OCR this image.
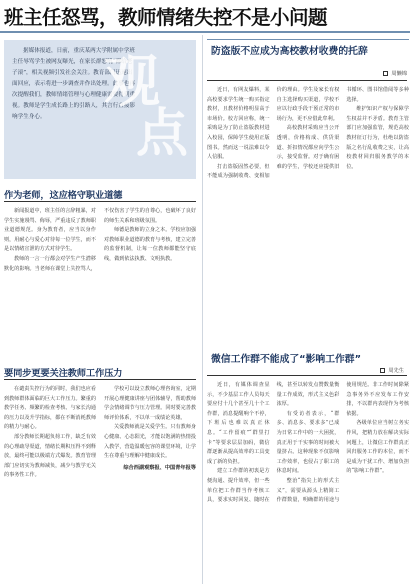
班主任怒骂，教师情绪失控不是小问题

据媒体报道，日前，重庆某两大学附属中学班主任辱骂学生被网友曝光，在家长群怒吼“都给老子滚”，相关视频引发社会关注。教育部门迅速出面回应，表示将进一步调查并作出处理。此事也再次提醒我们，教师情绪管理与心理健康需要得到重视。教师是学生成长路上的引路人，其言行直接影响学生身心。

观
点
作为老师，这应格守职业道德

新闻报道中，班主任的言辞粗暴，对学生实施谩骂、侮辱，严重违反了教师职业道德规范。身为教育者，应当以身作则，用耐心与爱心对待每一位学生，而不是以情绪宣泄的方式对待学生。

教师的一言一行都会对学生产生潜移默化的影响。当老师在课堂上失控骂人，不仅伤害了学生的自尊心，也破坏了良好的师生关系和班级氛围。

师德是教师的立身之本。学校应加强对教师职业道德的教育与考核，建立完善的监督机制，让每一位教师都能坚守底线，做到依法执教、文明执教。

要同步更要关注教师工作压力

在谴责失控行为的同时，我们也应看到教师群体面临的巨大工作压力。繁重的教学任务、频繁的检查考核、与家长沟通的压力以及升学指标，都在不断消耗教师的精力与耐心。

部分教师长期超负荷工作，缺乏有效的心理疏导渠道，情绪长期积压得不到释放，最终可能以极端方式爆发。教育管理部门应切实为教师减负，减少与教学无关的事务性工作。

学校可以设立教师心理咨询室，定期开展心理健康讲座与团体辅导，帮助教师学会情绪调节与压力管理。同时要完善教师评价体系，不以单一成绩论英雄。

关爱教师就是关爱学生。只有教师身心健康、心态阳光，才能以饱满的热情投入教学，营造温暖包容的课堂环境，让学生在尊重与理解中健康成长。

综合西湖观察报、中国青年报等
防盗版不应成为高校教材收费的托辞
周懒锦

近日，有网友爆料，某高校要求学生统一购买指定教材，且教材价格明显高于市场价。校方回应称，统一采购是为了防止盗版教材进入校园，保障学生使用正版图书。然而这一说法难以令人信服。

打击盗版固然必要，但不能成为强制收费、变相加价的理由。学生及家长有权自主选择购买渠道，学校不应以行政手段干预正常的市场行为，更不应借此牟利。

高校教材采购应当公开透明，价格构成、供货渠道、折扣情况都应向学生公示，接受监督。对于确有困难的学生，学校还应提供旧书循环、图书馆借阅等多种选择。

维护知识产权与保障学生权益并不矛盾。教育主管部门应加强监管，规范高校教材征订行为，杜绝以防盗版之名行乱收费之实，让高校教材回归服务教学的本位。

微信工作群不能成了“影响工作群”
周先生

近日，有媒体调查显示，不少基层工作人员每天要应付十几个甚至几十个工作群，消息提醒响个不停，下班后也难以真正休息。“工作留痕”“群里打卡”等要求层层加码，微信群逐渐从提高效率的工具变成了新的负担。

建立工作群的初衷是方便沟通、提升效率，但一些单位把工作群当作考核工具，要求实时回复、随时在线，甚至以转发点赞数量衡量工作成效，形式主义色彩浓厚。

有受访者表示，“群多、消息多、要求多”已成为日常工作中的一大困扰，真正用于干实事的时间被大量挤占。这种现象不仅影响工作效率，也侵占了职工的休息时间。

整治“指尖上的形式主义”，需要从源头上精简工作群数量，明确群的用途与使用规范。非工作时间除紧急事务外不应发布工作安排，不以群内表现作为考核依据。

各级单位应当树立务实作风，把精力放在解决实际问题上，让微信工作群真正回归服务工作的本位，而不是成为干扰工作、增加负担的“影响工作群”。
